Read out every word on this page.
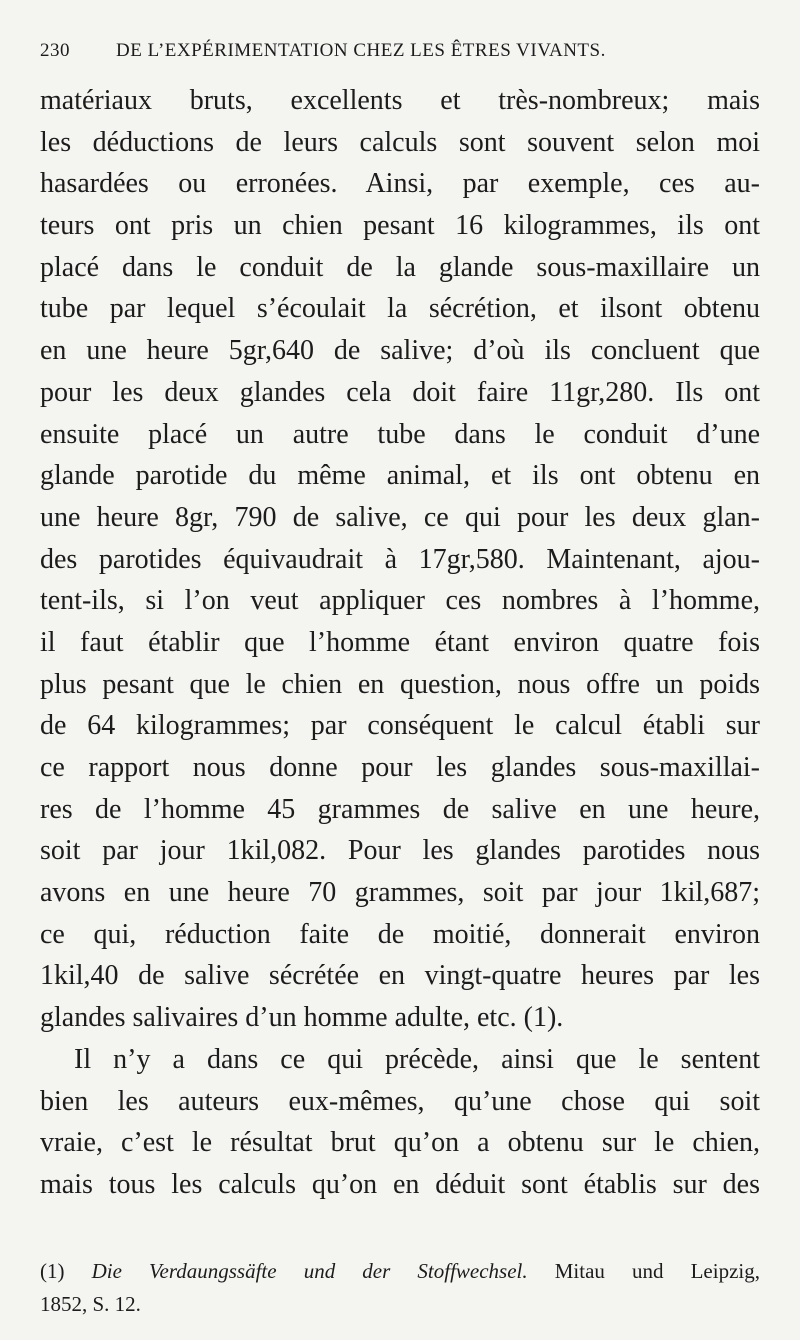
230 DE L’EXPÉRIMENTATION CHEZ LES ÊTRES VIVANTS.
matériaux bruts, excellents et très-nombreux; mais
les déductions de leurs calculs sont souvent selon moi
hasardées ou erronées. Ainsi, par exemple, ces au-
teurs ont pris un chien pesant 16 kilogrammes, ils ont
placé dans le conduit de la glande sous-maxillaire un
tube par lequel s’écoulait la sécrétion, et ilsont obtenu
en une heure 5gr,640 de salive; d’où ils concluent que
pour les deux glandes cela doit faire 11gr,280. Ils ont
ensuite placé un autre tube dans le conduit d’une
glande parotide du même animal, et ils ont obtenu en
une heure 8gr, 790 de salive, ce qui pour les deux glan-
des parotides équivaudrait à 17gr,580. Maintenant, ajou-
tent-ils, si l’on veut appliquer ces nombres à l’homme,
il faut établir que l’homme étant environ quatre fois
plus pesant que le chien en question, nous offre un poids
de 64 kilogrammes; par conséquent le calcul établi sur
ce rapport nous donne pour les glandes sous-maxillai-
res de l’homme 45 grammes de salive en une heure,
soit par jour 1kil,082. Pour les glandes parotides nous
avons en une heure 70 grammes, soit par jour 1kil,687;
ce qui, réduction faite de moitié, donnerait environ
1kil,40 de salive sécrétée en vingt-quatre heures par les
glandes salivaires d’un homme adulte, etc. (1).
Il n’y a dans ce qui précède, ainsi que le sentent
bien les auteurs eux-mêmes, qu’une chose qui soit
vraie, c’est le résultat brut qu’on a obtenu sur le chien,
mais tous les calculs qu’on en déduit sont établis sur des
(1) Die Verdaungssäfte und der Stoffwechsel. Mitau und Leipzig,
1852, S. 12.
